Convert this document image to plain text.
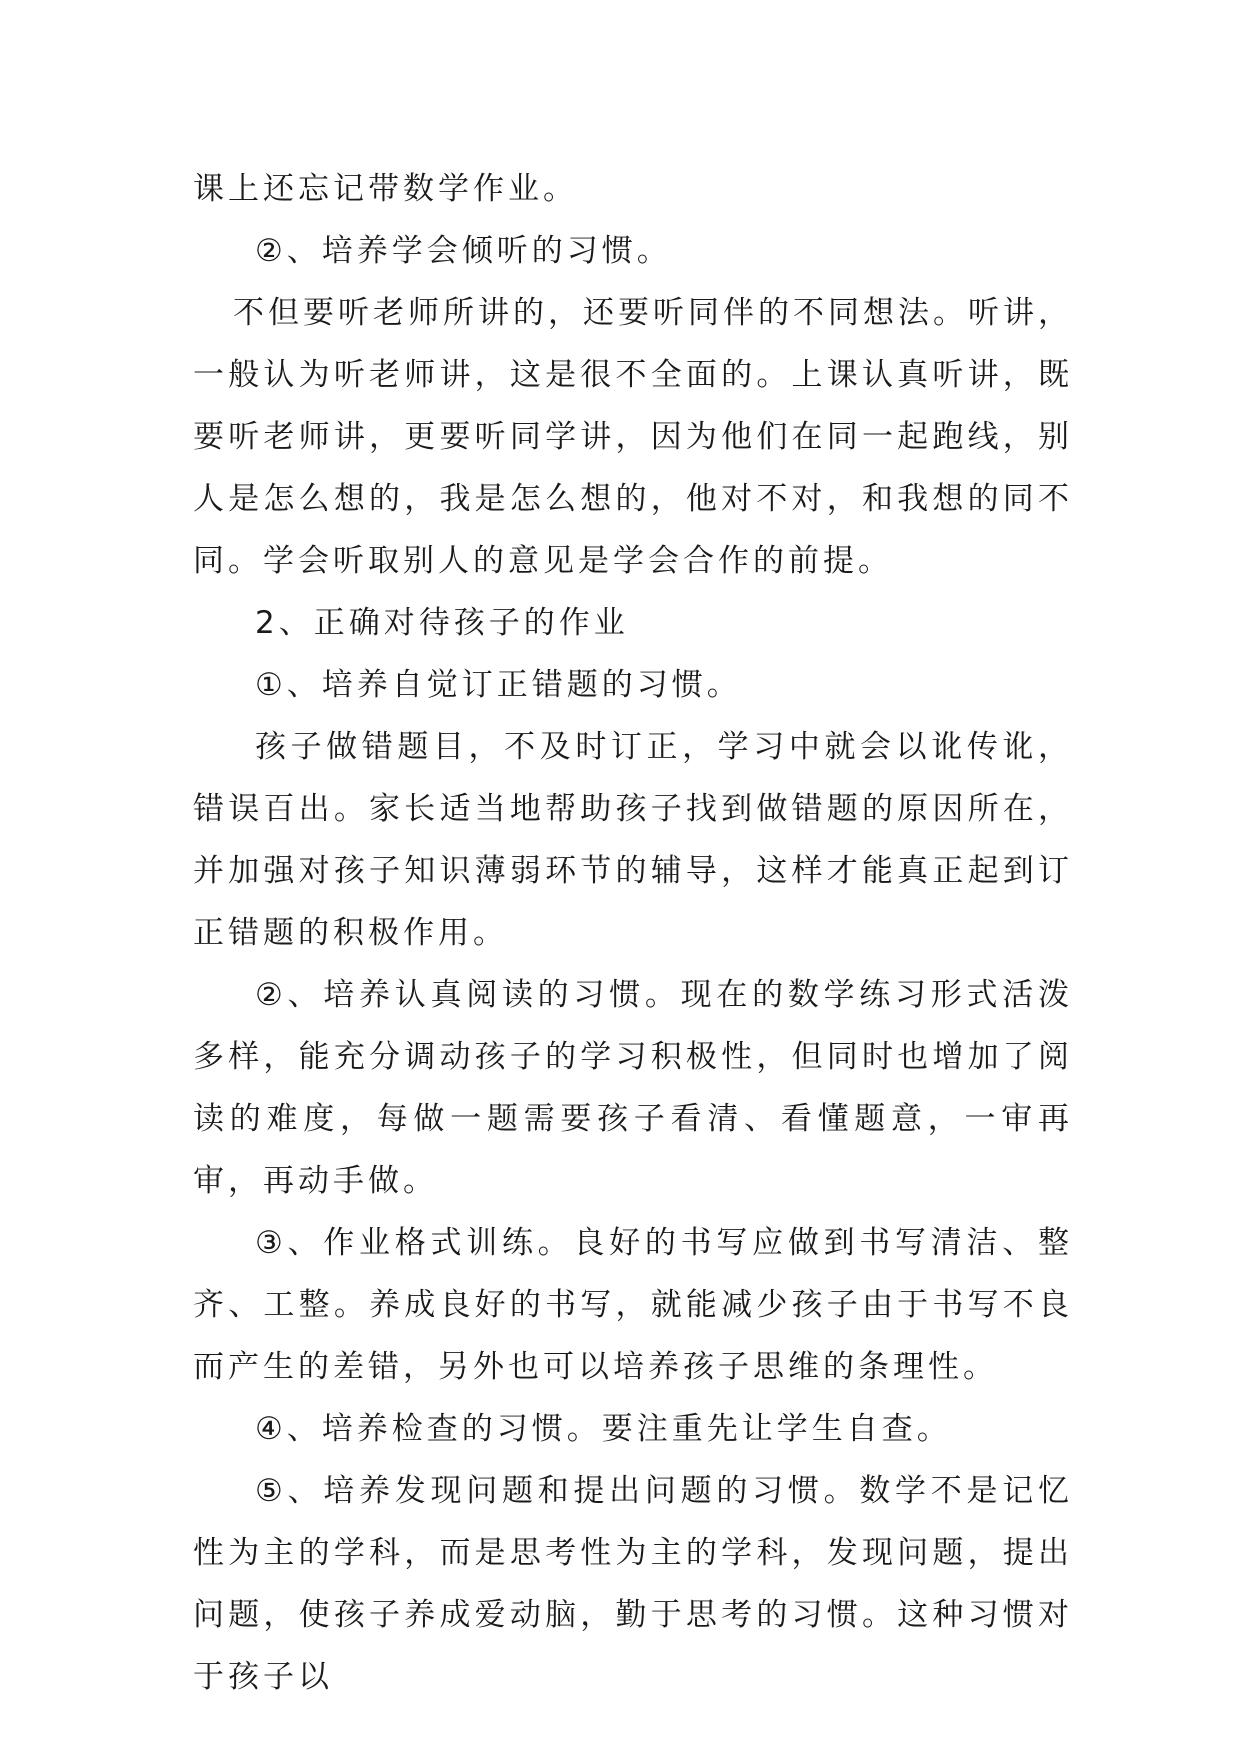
课上还忘记带数学作业。

②、培养学会倾听的习惯。

不但要听老师所讲的，还要听同伴的不同想法。听讲，一般认为听老师讲，这是很不全面的。上课认真听讲，既要听老师讲，更要听同学讲，因为他们在同一起跑线，别人是怎么想的，我是怎么想的，他对不对，和我想的同不同。学会听取别人的意见是学会合作的前提。

2、正确对待孩子的作业

①、培养自觉订正错题的习惯。

孩子做错题目，不及时订正，学习中就会以讹传讹，错误百出。家长适当地帮助孩子找到做错题的原因所在，并加强对孩子知识薄弱环节的辅导，这样才能真正起到订正错题的积极作用。

②、培养认真阅读的习惯。现在的数学练习形式活泼多样，能充分调动孩子的学习积极性，但同时也增加了阅读的难度，每做一题需要孩子看清、看懂题意，一审再审，再动手做。

③、作业格式训练。良好的书写应做到书写清洁、整齐、工整。养成良好的书写，就能减少孩子由于书写不良而产生的差错，另外也可以培养孩子思维的条理性。

④、培养检查的习惯。要注重先让学生自查。

⑤、培养发现问题和提出问题的习惯。数学不是记忆性为主的学科，而是思考性为主的学科，发现问题，提出问题，使孩子养成爱动脑，勤于思考的习惯。这种习惯对于孩子以
